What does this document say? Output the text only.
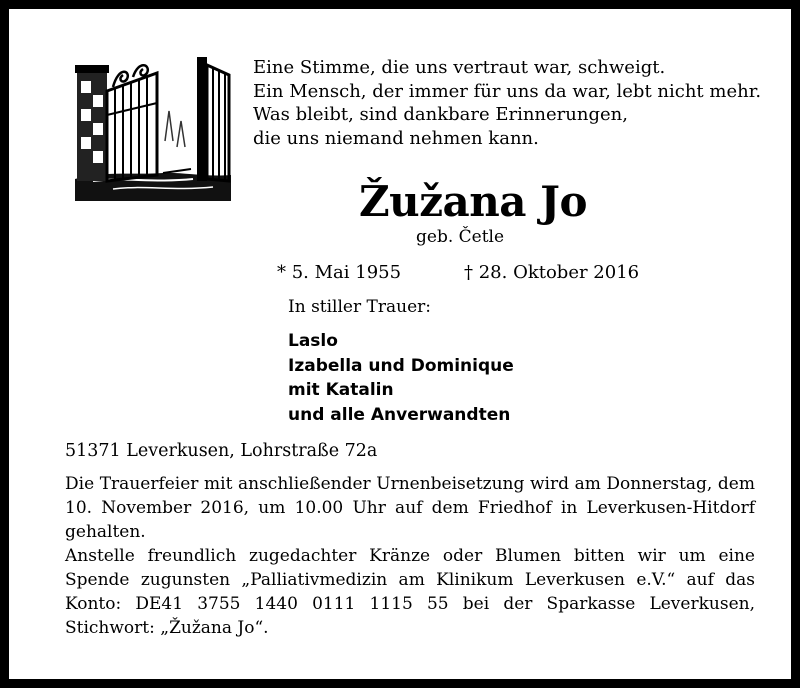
Eine Stimme, die uns vertraut war, schweigt.
Ein Mensch, der immer für uns da war, lebt nicht mehr.
Was bleibt, sind dankbare Erinnerungen,
die uns niemand nehmen kann.
Žužana Jo
geb. Četle
* 5. Mai 1955	† 28. Oktober 2016
In stiller Trauer:
Laslo
Izabella und Dominique
mit Katalin
und alle Anverwandten
51371 Leverkusen, Lohrstraße 72a
Die Trauerfeier mit anschließender Urnenbeisetzung wird am Donnerstag, dem 10. November 2016, um 10.00 Uhr auf dem Friedhof in Leverkusen-Hitdorf gehalten.
Anstelle freundlich zugedachter Kränze oder Blumen bitten wir um eine Spende zugunsten „Palliativmedizin am Klinikum Leverkusen e.V.“ auf das Konto: DE41 3755 1440 0111 1115 55 bei der Sparkasse Leverkusen, Stichwort: „Žužana Jo“.
